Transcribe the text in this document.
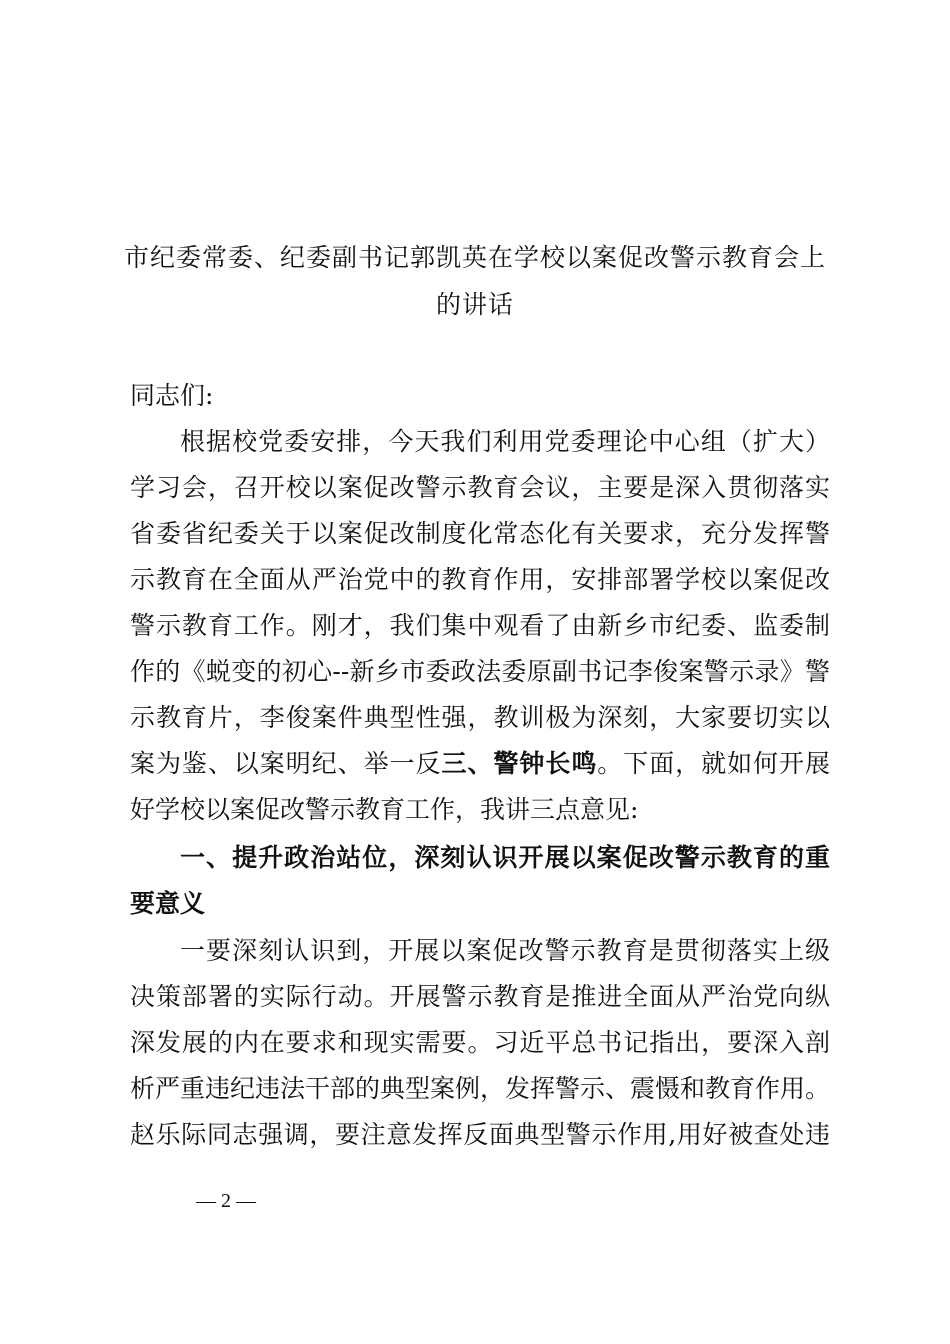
市纪委常委、纪委副书记郭凯英在学校以案促改警示教育会上
的讲话
同志们:
根据校党委安排，今天我们利用党委理论中心组（扩大）
学习会，召开校以案促改警示教育会议，主要是深入贯彻落实
省委省纪委关于以案促改制度化常态化有关要求，充分发挥警
示教育在全面从严治党中的教育作用，安排部署学校以案促改
警示教育工作。刚才，我们集中观看了由新乡市纪委、监委制
作的《蜕变的初心--新乡市委政法委原副书记李俊案警示录》警
示教育片，李俊案件典型性强，教训极为深刻，大家要切实以
案为鉴、以案明纪、举一反三、警钟长鸣。下面，就如何开展
好学校以案促改警示教育工作，我讲三点意见:
一、提升政治站位，深刻认识开展以案促改警示教育的重
要意义
一要深刻认识到，开展以案促改警示教育是贯彻落实上级
决策部署的实际行动。开展警示教育是推进全面从严治党向纵
深发展的内在要求和现实需要。习近平总书记指出，要深入剖
析严重违纪违法干部的典型案例，发挥警示、震慑和教育作用。
赵乐际同志强调，要注意发挥反面典型警示作用,用好被查处违
— 2 —
